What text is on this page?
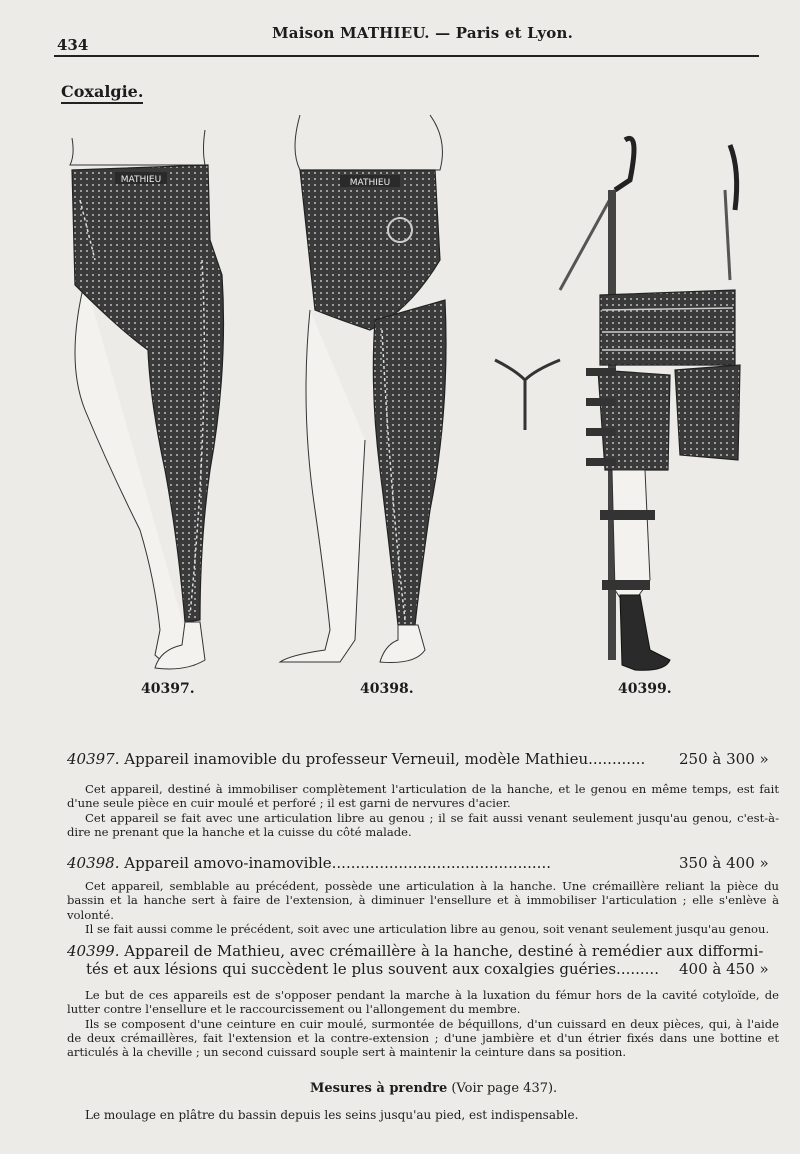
434
Maison MATHIEU. — Paris et Lyon.
Coxalgie.
MATHIEU
40397.
MATHIEU
40398.	40399.
40397. Appareil inamovible du professeur Verneuil, modèle Mathieu............ 250 à 300 »

Cet appareil, destiné à immobiliser complètement l'articulation de la hanche, et le genou en même temps, est fait d'une seule pièce en cuir moulé et perforé ; il est garni de nervures d'acier.

Cet appareil se fait avec une articulation libre au genou ; il se fait aussi venant seulement jusqu'au genou, c'est-à-dire ne prenant que la hanche et la cuisse du côté malade.

40398. Appareil amovo-inamovible..............................................	350 à 400 »

Cet appareil, semblable au précédent, possède une articulation à la hanche. Une crémaillère reliant la pièce du bassin et la hanche sert à faire de l'extension, à diminuer l'ensellure et à immobiliser l'articulation ; elle s'enlève à volonté.

Il se fait aussi comme le précédent, soit avec une articulation libre au genou, soit venant seulement jusqu'au genou.

40399. Appareil de Mathieu, avec crémaillère à la hanche, destiné à remédier aux difformi-
tés et aux lésions qui succèdent le plus souvent aux coxalgies guéries......... 400 à 450 »

Le but de ces appareils est de s'opposer pendant la marche à la luxation du fémur hors de la cavité cotyloïde, de lutter contre l'ensellure et le raccourcissement ou l'allongement du membre.

Ils se composent d'une ceinture en cuir moulé, surmontée de béquillons, d'un cuissard en deux pièces, qui, à l'aide de deux crémaillères, fait l'extension et la contre-extension ; d'une jambière et d'un étrier fixés dans une bottine et articulés à la cheville ; un second cuissard souple sert à maintenir la ceinture dans sa position.

Mesures à prendre (Voir page 437).
Le moulage en plâtre du bassin depuis les seins jusqu'au pied, est indispensable.
